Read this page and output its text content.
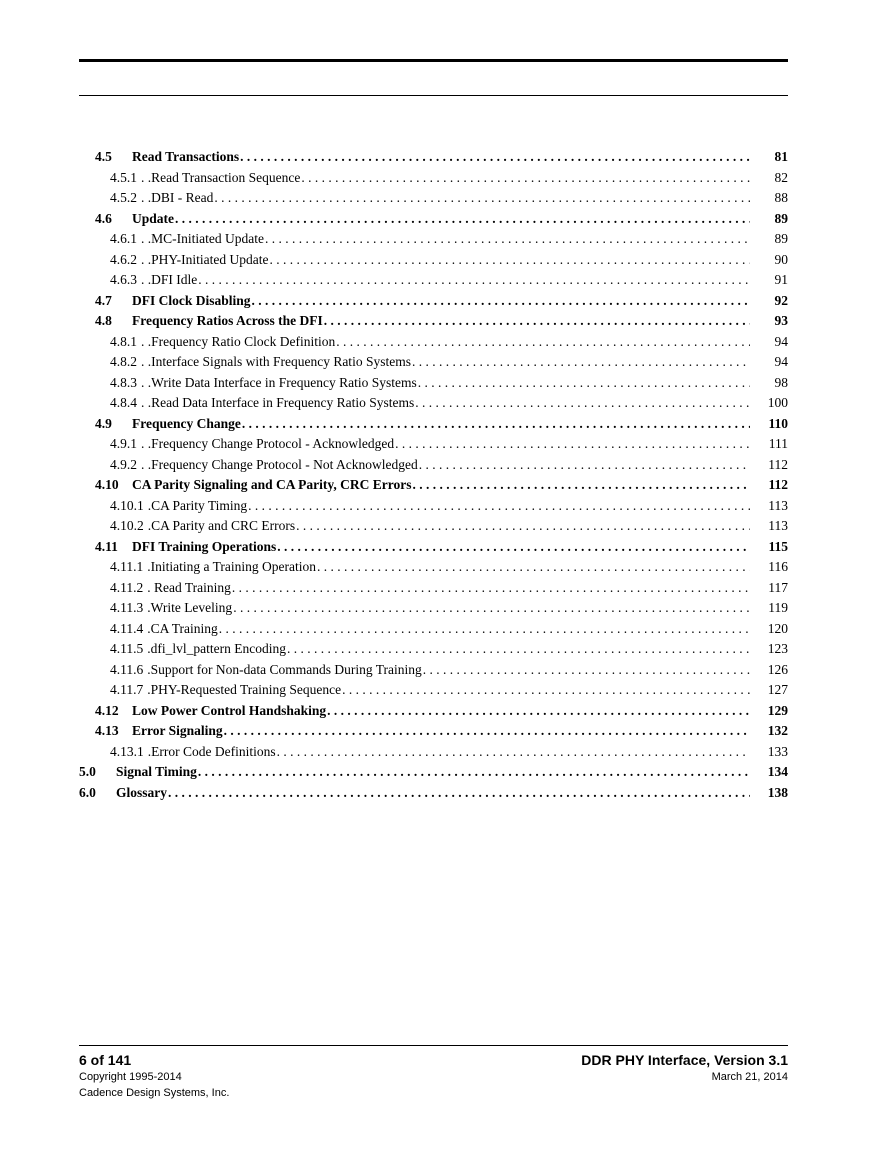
4.5	Read Transactions . . .	81
4.5.1 . .Read Transaction Sequence . . .	82
4.5.2 . .DBI - Read . . .	88
4.6	Update . . .	89
4.6.1 . .MC-Initiated Update . . .	89
4.6.2 . .PHY-Initiated Update . . .	90
4.6.3 . .DFI Idle . . .	91
4.7	DFI Clock Disabling . . .	92
4.8	Frequency Ratios Across the DFI . . .	93
4.8.1 . .Frequency Ratio Clock Definition . . .	94
4.8.2 . .Interface Signals with Frequency Ratio Systems . . .	94
4.8.3 . .Write Data Interface in Frequency Ratio Systems . . .	98
4.8.4 . .Read Data Interface in Frequency Ratio Systems . . .	100
4.9	Frequency Change . . .	110
4.9.1 . .Frequency Change Protocol - Acknowledged . . .	111
4.9.2 . .Frequency Change Protocol - Not Acknowledged . . .	112
4.10 CA Parity Signaling and CA Parity, CRC Errors . . .	112
4.10.1 .CA Parity Timing . . .	113
4.10.2 .CA Parity and CRC Errors . . .	113
4.11	DFI Training Operations . . .	115
4.11.1 .Initiating a Training Operation . . .	116
4.11.2 . Read Training . . .	117
4.11.3 .Write Leveling . . .	119
4.11.4 .CA Training . . .	120
4.11.5 .dfi_lvl_pattern Encoding . . .	123
4.11.6 .Support for Non-data Commands During Training . . .	126
4.11.7 .PHY-Requested Training Sequence . . .	127
4.12 Low Power Control Handshaking . . .	129
4.13 Error Signaling . . .	132
4.13.1 .Error Code Definitions . . .	133
5.0	Signal Timing . . .	134
6.0	Glossary . . .	138
6 of 141
Copyright 1995-2014
Cadence Design Systems, Inc.
DDR PHY Interface, Version 3.1
March 21, 2014
